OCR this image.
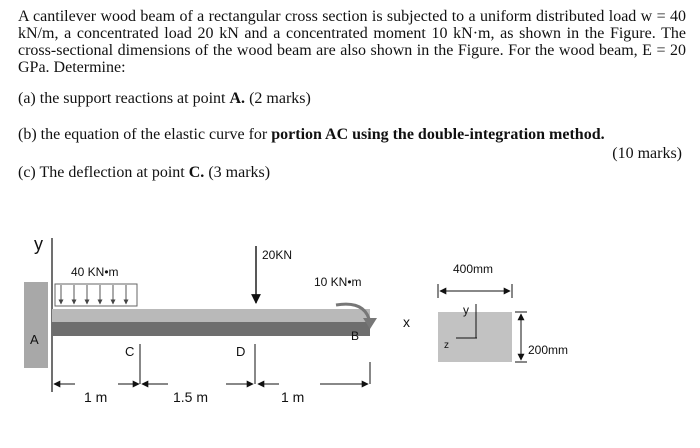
A cantilever wood beam of a rectangular cross section is subjected to a uniform distributed load w = 40 kN/m, a concentrated load 20 kN and a concentrated moment 10 kN·m, as shown in the Figure. The cross-sectional dimensions of the wood beam are also shown in the Figure. For the wood beam, E = 20 GPa. Determine:
(a) the support reactions at point A. (2 marks)
(b) the equation of the elastic curve for portion AC using the double-integration method.
(10 marks)
(c) The deflection at point C. (3 marks)
y
40 KN•m
20KN
10 KN•m
A	B
C	D
x
1 m	1.5 m	1 m
y
z
400mm
200mm
